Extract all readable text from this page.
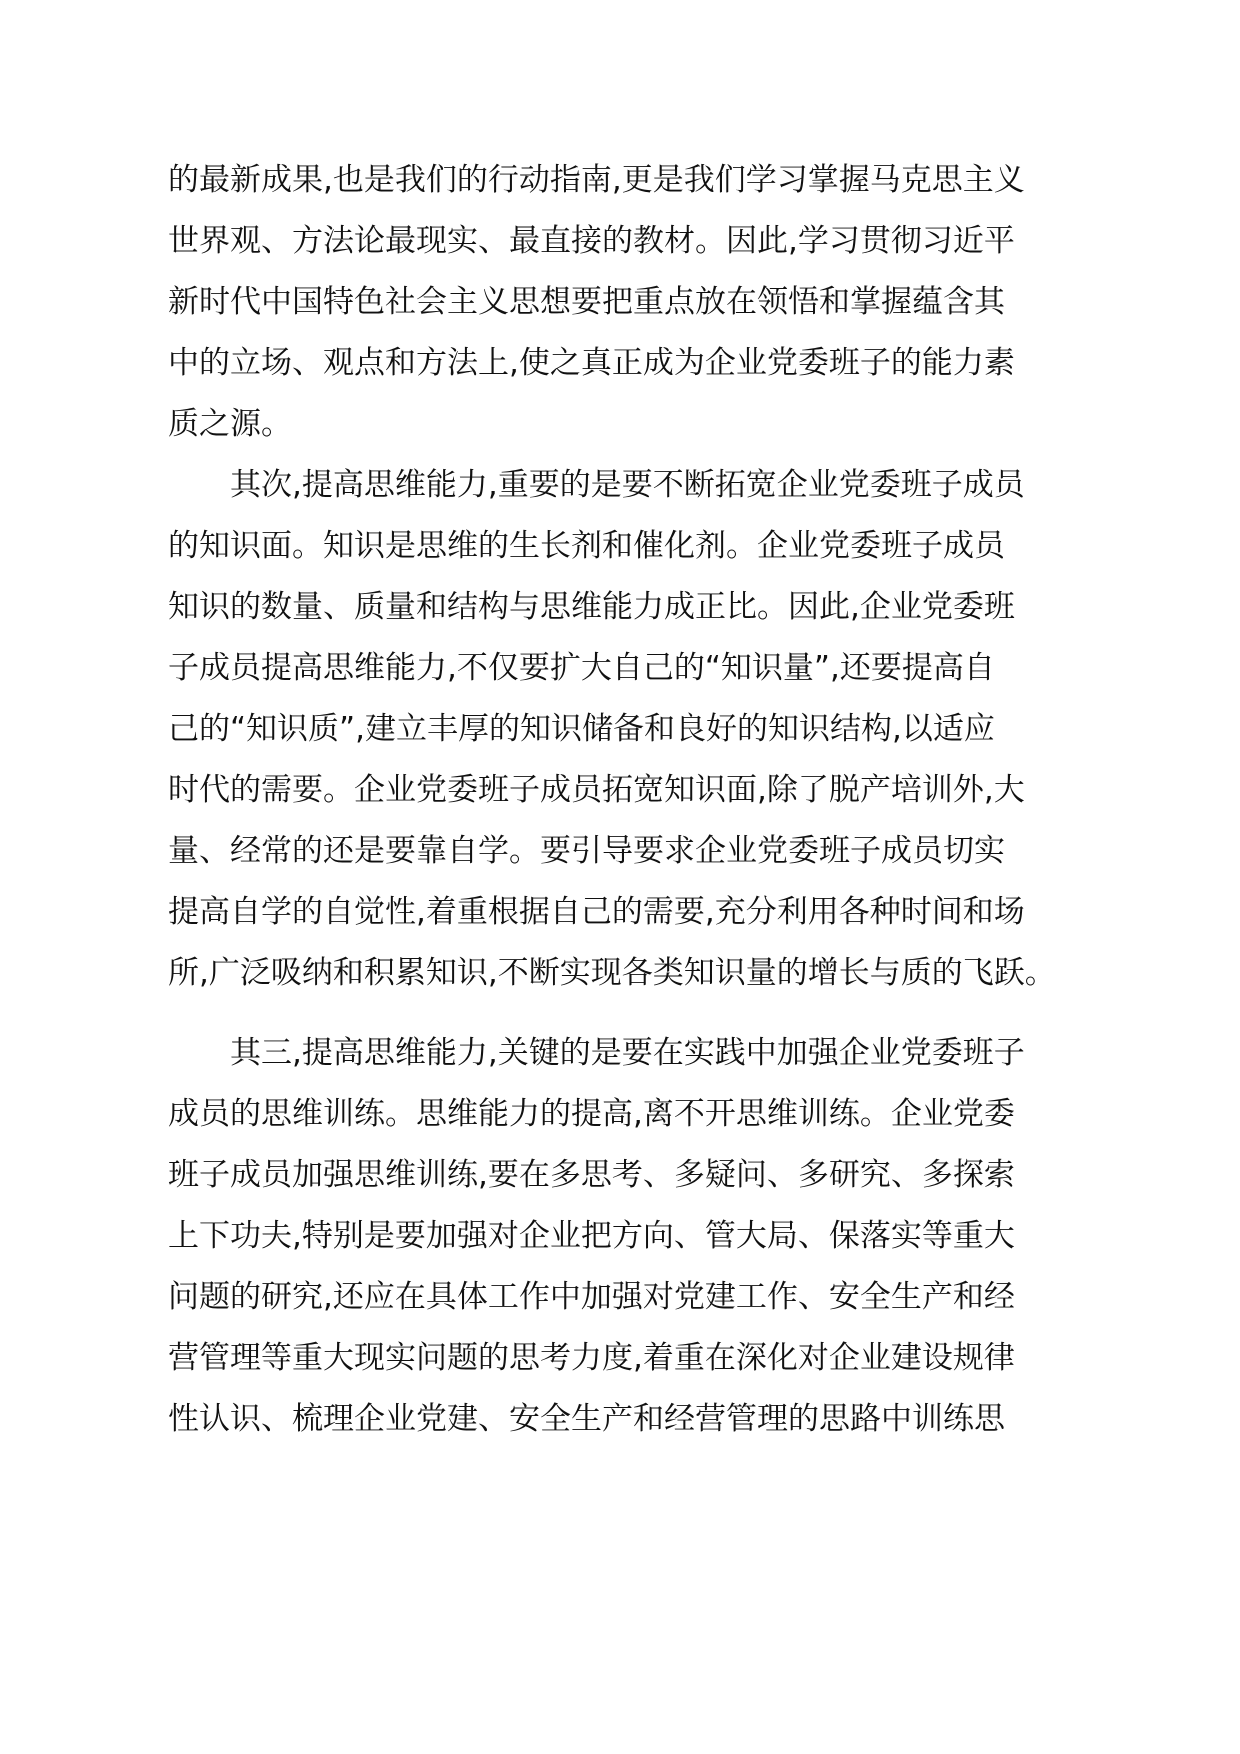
的最新成果,也是我们的行动指南,更是我们学习掌握马克思主义
世界观、方法论最现实、最直接的教材。因此,学习贯彻习近平
新时代中国特色社会主义思想要把重点放在领悟和掌握蕴含其
中的立场、观点和方法上,使之真正成为企业党委班子的能力素
质之源。

其次,提高思维能力,重要的是要不断拓宽企业党委班子成员
的知识面。知识是思维的生长剂和催化剂。企业党委班子成员
知识的数量、质量和结构与思维能力成正比。因此,企业党委班
子成员提高思维能力,不仅要扩大自己的“知识量”,还要提高自
己的“知识质”,建立丰厚的知识储备和良好的知识结构,以适应
时代的需要。企业党委班子成员拓宽知识面,除了脱产培训外,大
量、经常的还是要靠自学。要引导要求企业党委班子成员切实
提高自学的自觉性,着重根据自己的需要,充分利用各种时间和场
所,广泛吸纳和积累知识,不断实现各类知识量的增长与质的飞跃。

其三,提高思维能力,关键的是要在实践中加强企业党委班子
成员的思维训练。思维能力的提高,离不开思维训练。企业党委
班子成员加强思维训练,要在多思考、多疑问、多研究、多探索
上下功夫,特别是要加强对企业把方向、管大局、保落实等重大
问题的研究,还应在具体工作中加强对党建工作、安全生产和经
营管理等重大现实问题的思考力度,着重在深化对企业建设规律
性认识、梳理企业党建、安全生产和经营管理的思路中训练思
